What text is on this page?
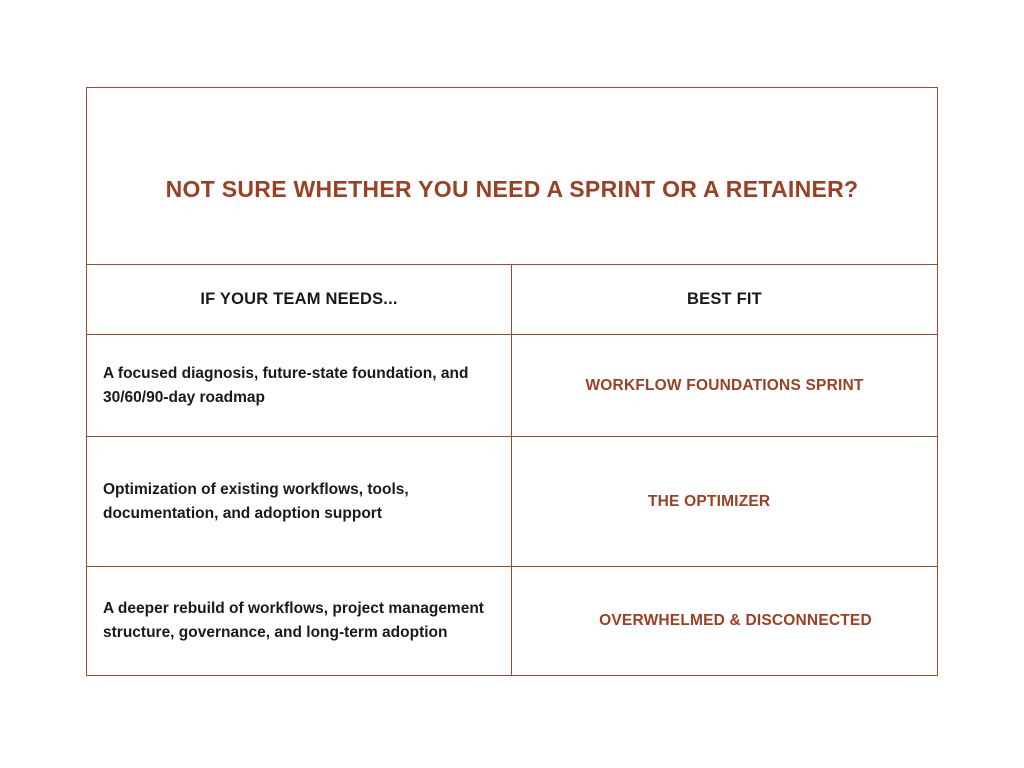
NOT SURE WHETHER YOU NEED A SPRINT OR A RETAINER?
IF YOUR TEAM NEEDS...	BEST FIT
A focused diagnosis, future-state foundation, and 30/60/90-day roadmap
WORKFLOW FOUNDATIONS SPRINT
Optimization of existing workflows, tools, documentation, and adoption support
THE OPTIMIZER
A deeper rebuild of workflows, project management structure, governance, and long-term adoption
OVERWHELMED & DISCONNECTED
